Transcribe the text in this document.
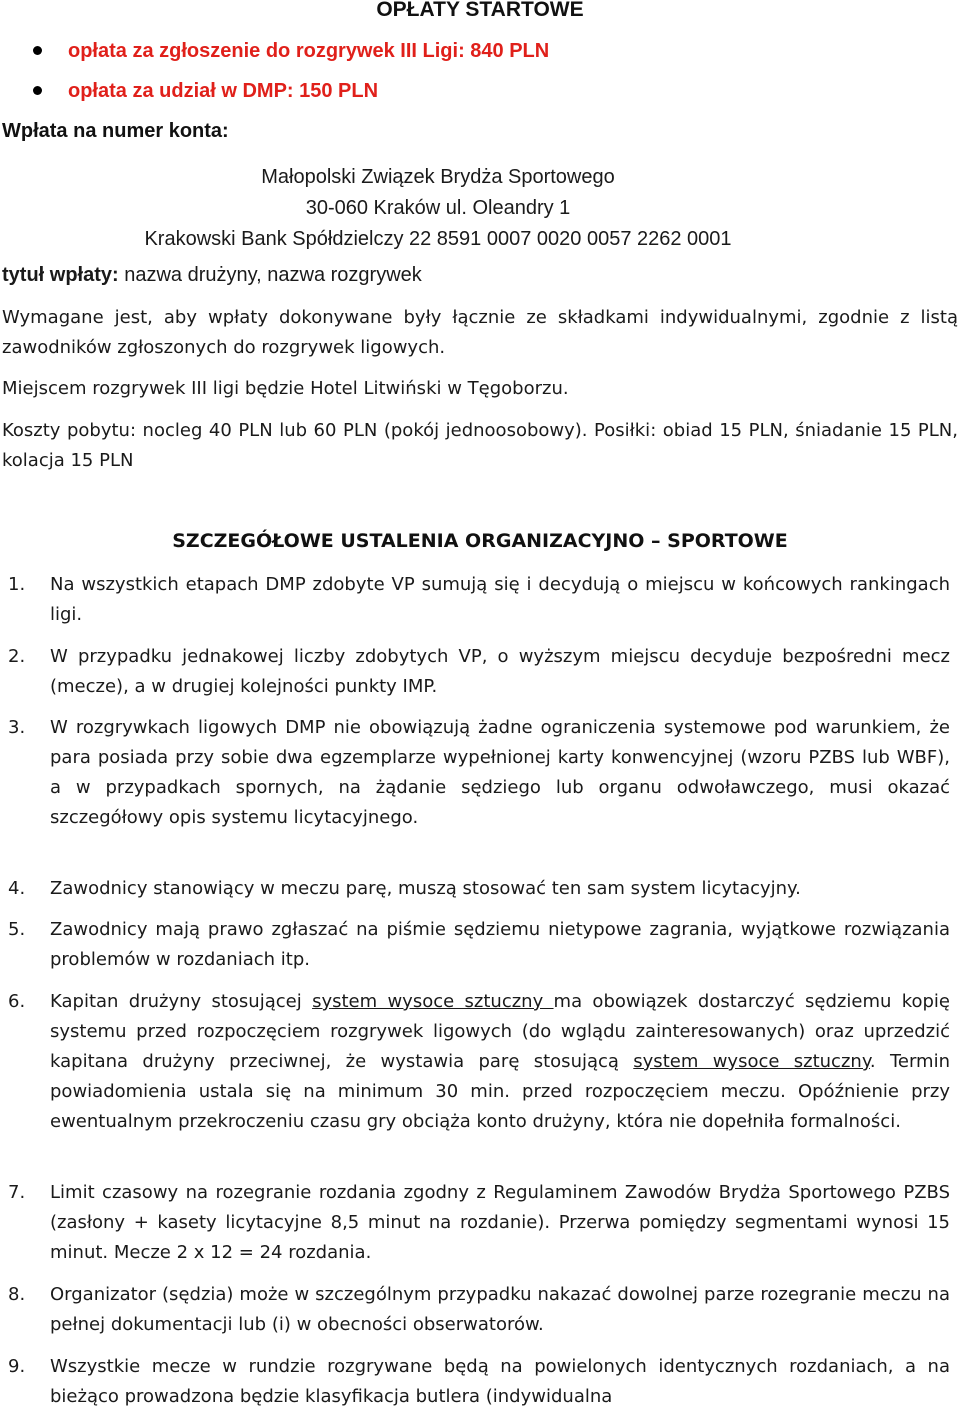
OPŁATY STARTOWE
opłata za zgłoszenie do rozgrywek III Ligi: 840 PLN
opłata za udział w DMP: 150 PLN
Wpłata na numer konta:
Małopolski Związek Brydża Sportowego
30-060 Kraków ul. Oleandry 1
Krakowski Bank Spółdzielczy 22 8591 0007 0020 0057 2262 0001
tytuł wpłaty: nazwa drużyny, nazwa rozgrywek
Wymagane jest, aby wpłaty dokonywane były łącznie ze składkami indywidualnymi, zgodnie z listą zawodników zgłoszonych do rozgrywek ligowych.
Miejscem rozgrywek III ligi będzie Hotel Litwiński w Tęgoborzu.
Koszty pobytu: nocleg 40 PLN lub 60 PLN (pokój jednoosobowy). Posiłki: obiad 15 PLN, śniadanie 15 PLN, kolacja 15 PLN
SZCZEGÓŁOWE USTALENIA ORGANIZACYJNO – SPORTOWE
1. Na wszystkich etapach DMP zdobyte VP sumują się i decydują o miejscu w końcowych rankingach ligi.
2. W przypadku jednakowej liczby zdobytych VP, o wyższym miejscu decyduje bezpośredni mecz (mecze), a w drugiej kolejności punkty IMP.
3. W rozgrywkach ligowych DMP nie obowiązują żadne ograniczenia systemowe pod warunkiem, że para posiada przy sobie dwa egzemplarze wypełnionej karty konwencyjnej (wzoru PZBS lub WBF), a w przypadkach spornych, na żądanie sędziego lub organu odwoławczego, musi okazać szczegółowy opis systemu licytacyjnego.
4. Zawodnicy stanowiący w meczu parę, muszą stosować ten sam system licytacyjny.
5. Zawodnicy mają prawo zgłaszać na piśmie sędziemu nietypowe zagrania, wyjątkowe rozwiązania problemów w rozdaniach itp.
6. Kapitan drużyny stosującej system wysoce sztuczny ma obowiązek dostarczyć sędziemu kopię systemu przed rozpoczęciem rozgrywek ligowych (do wglądu zainteresowanych) oraz uprzedzić kapitana drużyny przeciwnej, że wystawia parę stosującą system wysoce sztuczny. Termin powiadomienia ustala się na minimum 30 min. przed rozpoczęciem meczu. Opóźnienie przy ewentualnym przekroczeniu czasu gry obciąża konto drużyny, która nie dopełniła formalności.
7. Limit czasowy na rozegranie rozdania zgodny z Regulaminem Zawodów Brydża Sportowego PZBS (zasłony + kasety licytacyjne 8,5 minut na rozdanie). Przerwa pomiędzy segmentami wynosi 15 minut. Mecze 2 x 12 = 24 rozdania.
8. Organizator (sędzia) może w szczególnym przypadku nakazać dowolnej parze rozegranie meczu na pełnej dokumentacji lub (i) w obecności obserwatorów.
9. Wszystkie mecze w rundzie rozgrywane będą na powielonych identycznych rozdaniach, a na bieżąco prowadzona będzie klasyfikacja butlera (indywidualna
